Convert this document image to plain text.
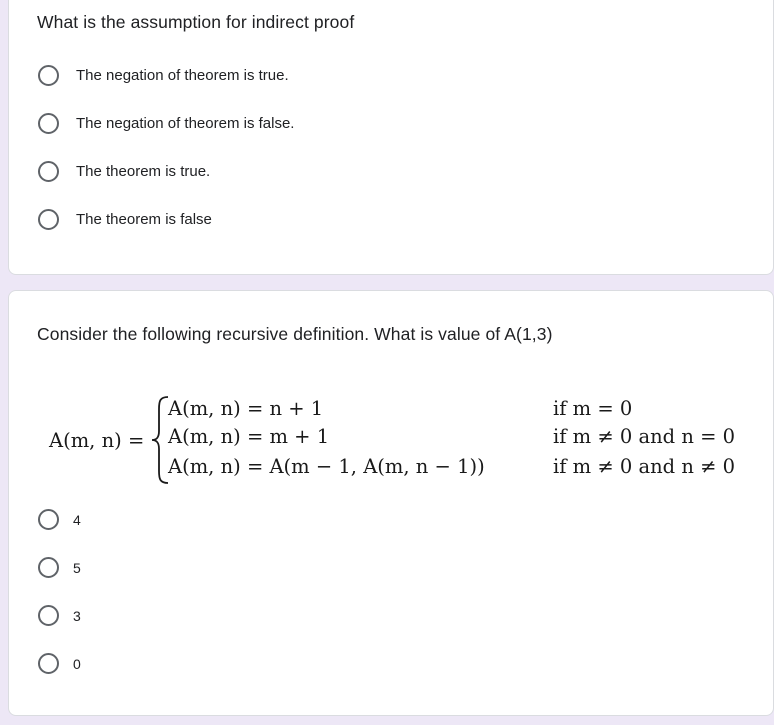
What is the assumption for indirect proof
The negation of theorem is true.
The negation of theorem is false.
The theorem is true.
The theorem is false
Consider the following recursive definition. What is value of A(1,3)
A(m, n) =
A(m, n) = n + 1
A(m, n) = m + 1
A(m, n) = A(m − 1, A(m, n − 1))
if m = 0
if m ≠ 0 and n = 0
if m ≠ 0 and n ≠ 0
4
5
3
0
